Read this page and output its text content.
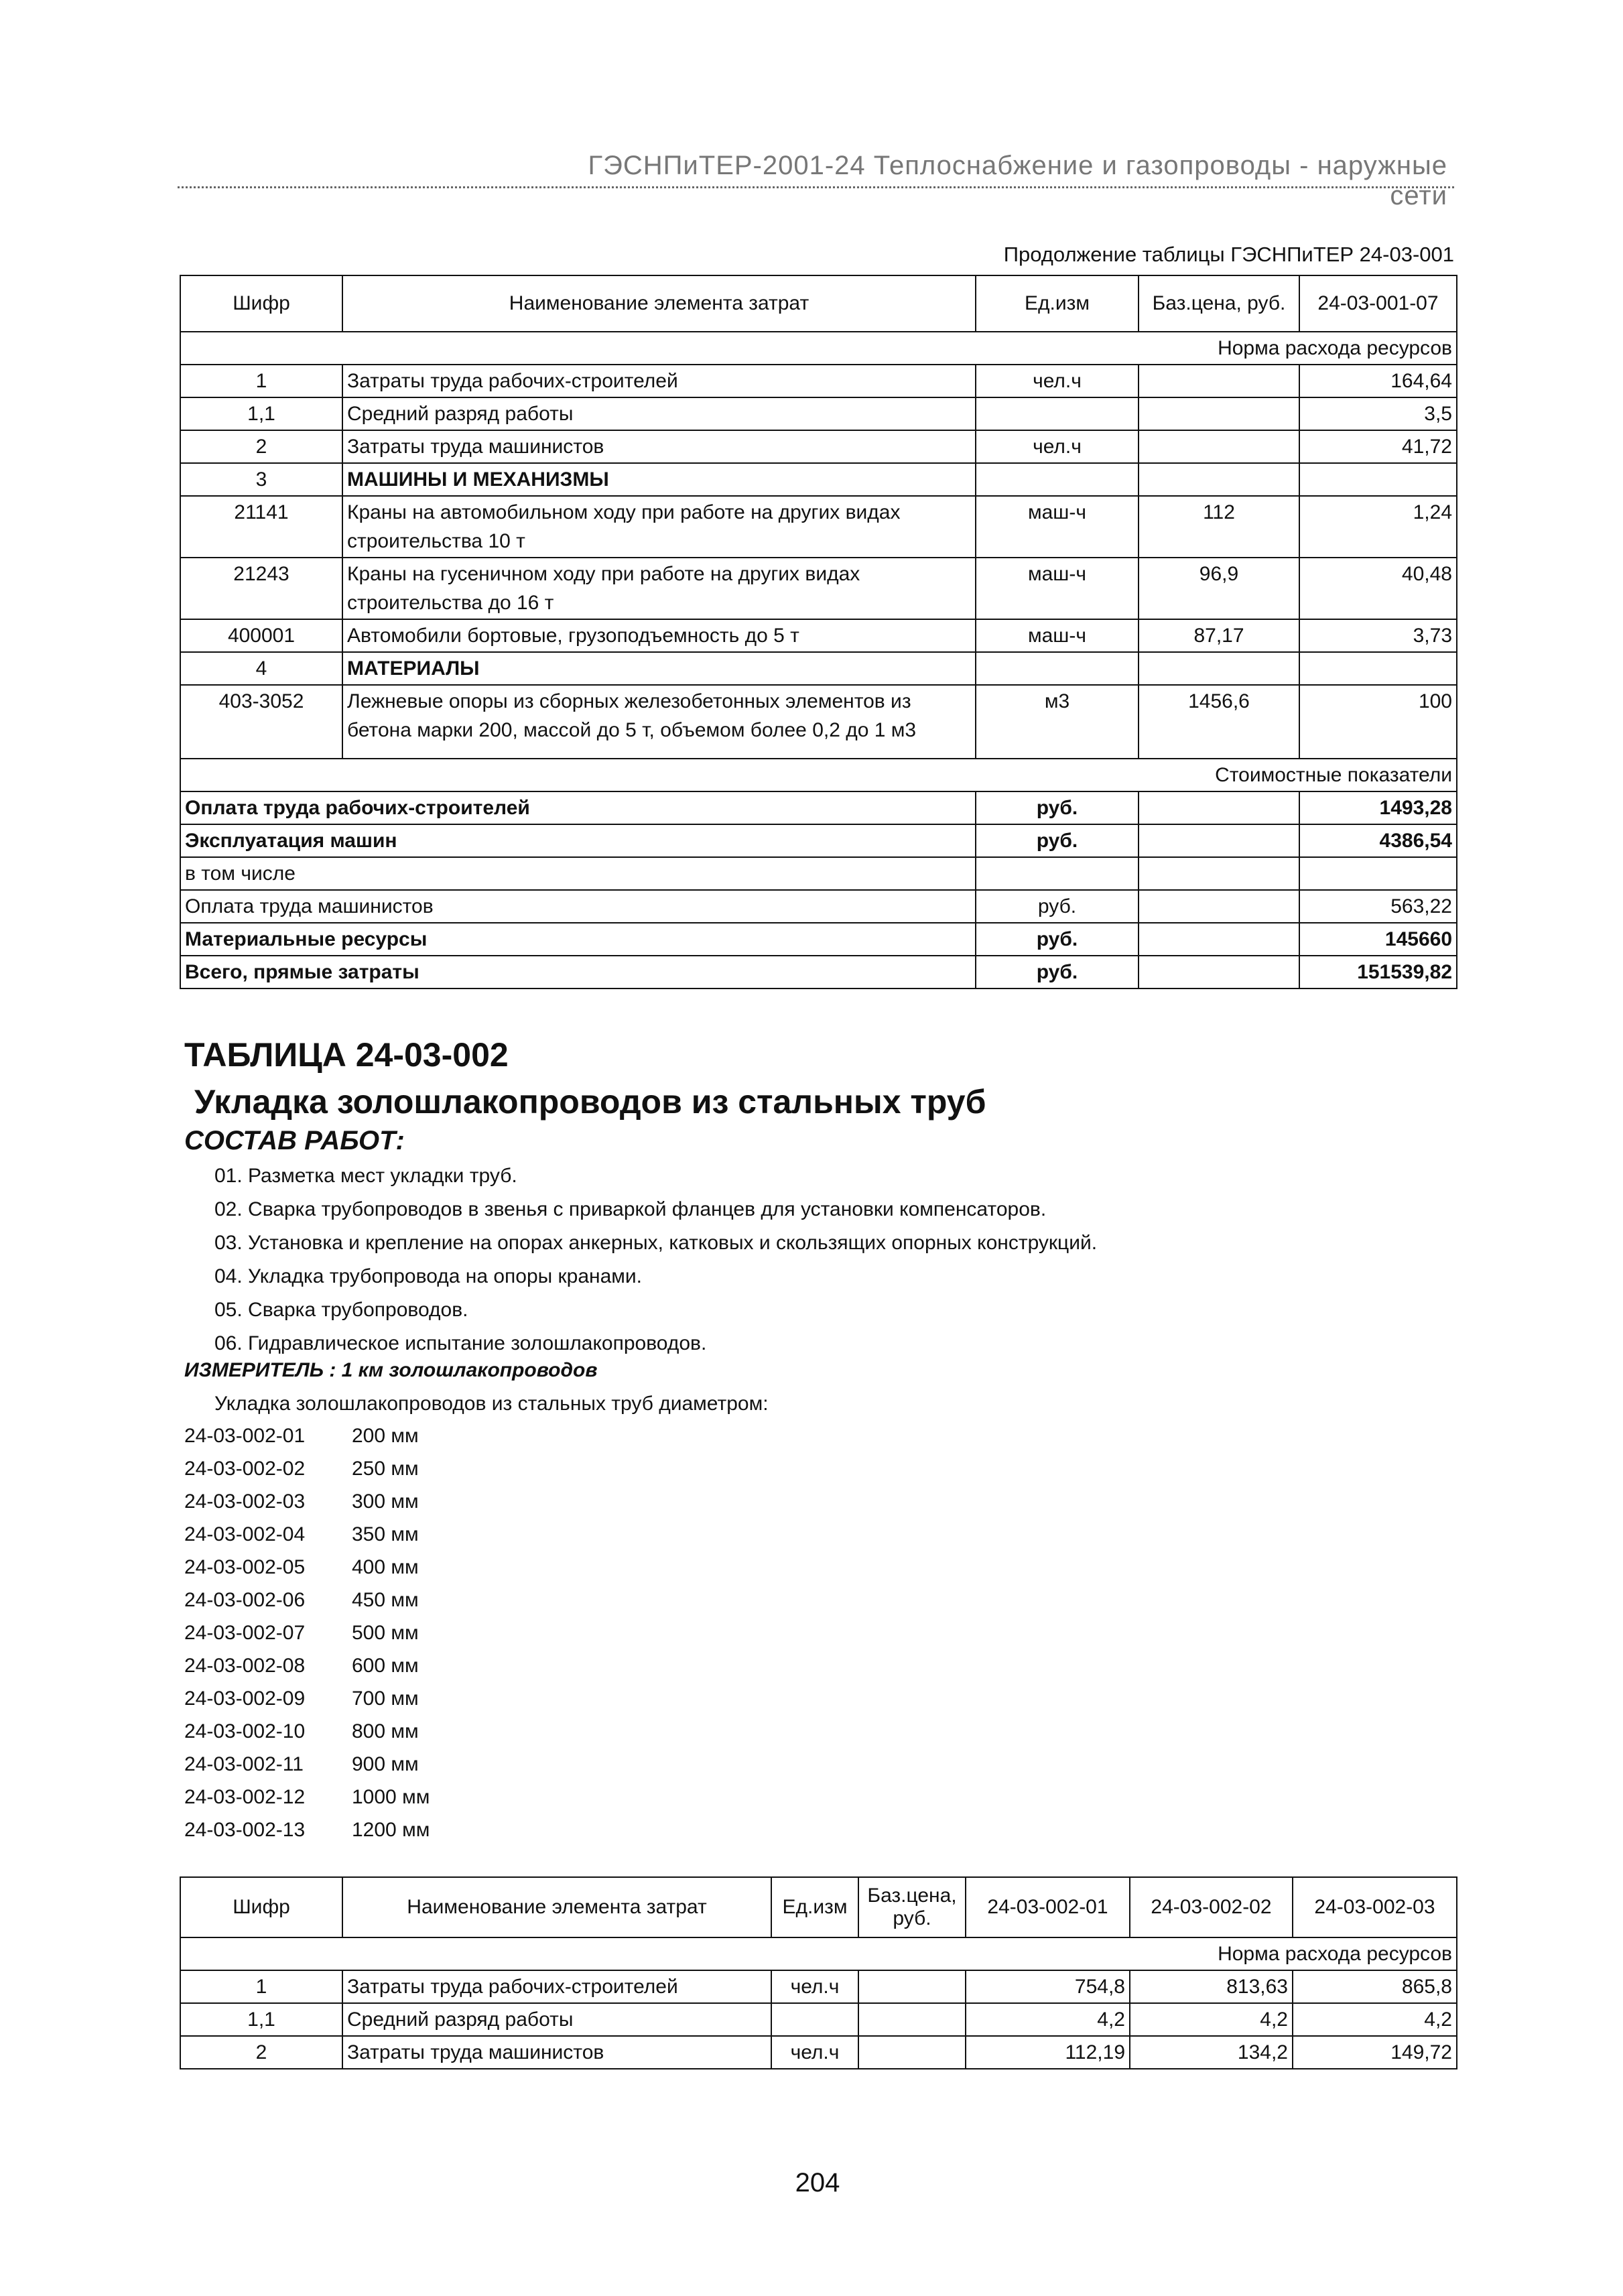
ГЭСНПиТЕР-2001-24 Теплоснабжение и газопроводы - наружные сети
Продолжение таблицы ГЭСНПиТЕР 24-03-001
Шифр	Наименование элемента затрат	Ед.изм	Баз.цена, руб.	24-03-001-07
Норма расхода ресурсов				
1	Затраты труда рабочих-строителей	чел.ч		164,64
1,1	Средний разряд работы			3,5
2	Затраты труда машинистов	чел.ч		41,72
3	МАШИНЫ И МЕХАНИЗМЫ			
21141	Краны на автомобильном ходу при работе на других видах строительства 10 т	маш-ч	112	1,24
21243	Краны на гусеничном ходу при работе на других видах строительства до 16 т	маш-ч	96,9	40,48
400001	Автомобили бортовые, грузоподъемность до 5 т	маш-ч	87,17	3,73
4	МАТЕРИАЛЫ			
403-3052	Лежневые опоры из сборных железобетонных элементов из бетона марки 200, массой до 5 т, объемом более 0,2 до 1 м3	м3	1456,6	100
Стоимостные показатели				
Оплата труда рабочих-строителей		руб.		1493,28
Эксплуатация машин		руб.		4386,54
в том числе				
Оплата труда машинистов		руб.		563,22
Материальные ресурсы		руб.		145660
Всего, прямые затраты		руб.		151539,82
ТАБЛИЦА 24-03-002
Укладка золошлакопроводов из стальных труб
СОСТАВ РАБОТ:
01. Разметка мест укладки труб.
02. Сварка трубопроводов в звенья с приваркой фланцев для установки компенсаторов.
03. Установка и крепление на опорах анкерных, катковых и скользящих опорных конструкций.
04. Укладка трубопровода на опоры кранами.
05. Сварка трубопроводов.
06. Гидравлическое испытание золошлакопроводов.
ИЗМЕРИТЕЛЬ : 1 км золошлакопроводов
Укладка золошлакопроводов из стальных труб диаметром:
24-03-002-01 200 мм
24-03-002-02 250 мм
24-03-002-03 300 мм
24-03-002-04 350 мм
24-03-002-05 400 мм
24-03-002-06 450 мм
24-03-002-07 500 мм
24-03-002-08 600 мм
24-03-002-09 700 мм
24-03-002-10 800 мм
24-03-002-11 900 мм
24-03-002-12 1000 мм
24-03-002-13 1200 мм
Шифр	Наименование элемента затрат	Ед.изм	Баз.цена, руб.	24-03-002-01	24-03-002-02	24-03-002-03
Норма расхода ресурсов						
1	Затраты труда рабочих-строителей	чел.ч		754,8	813,63	865,8
1,1	Средний разряд работы			4,2	4,2	4,2
2	Затраты труда машинистов	чел.ч		112,19	134,2	149,72
204
